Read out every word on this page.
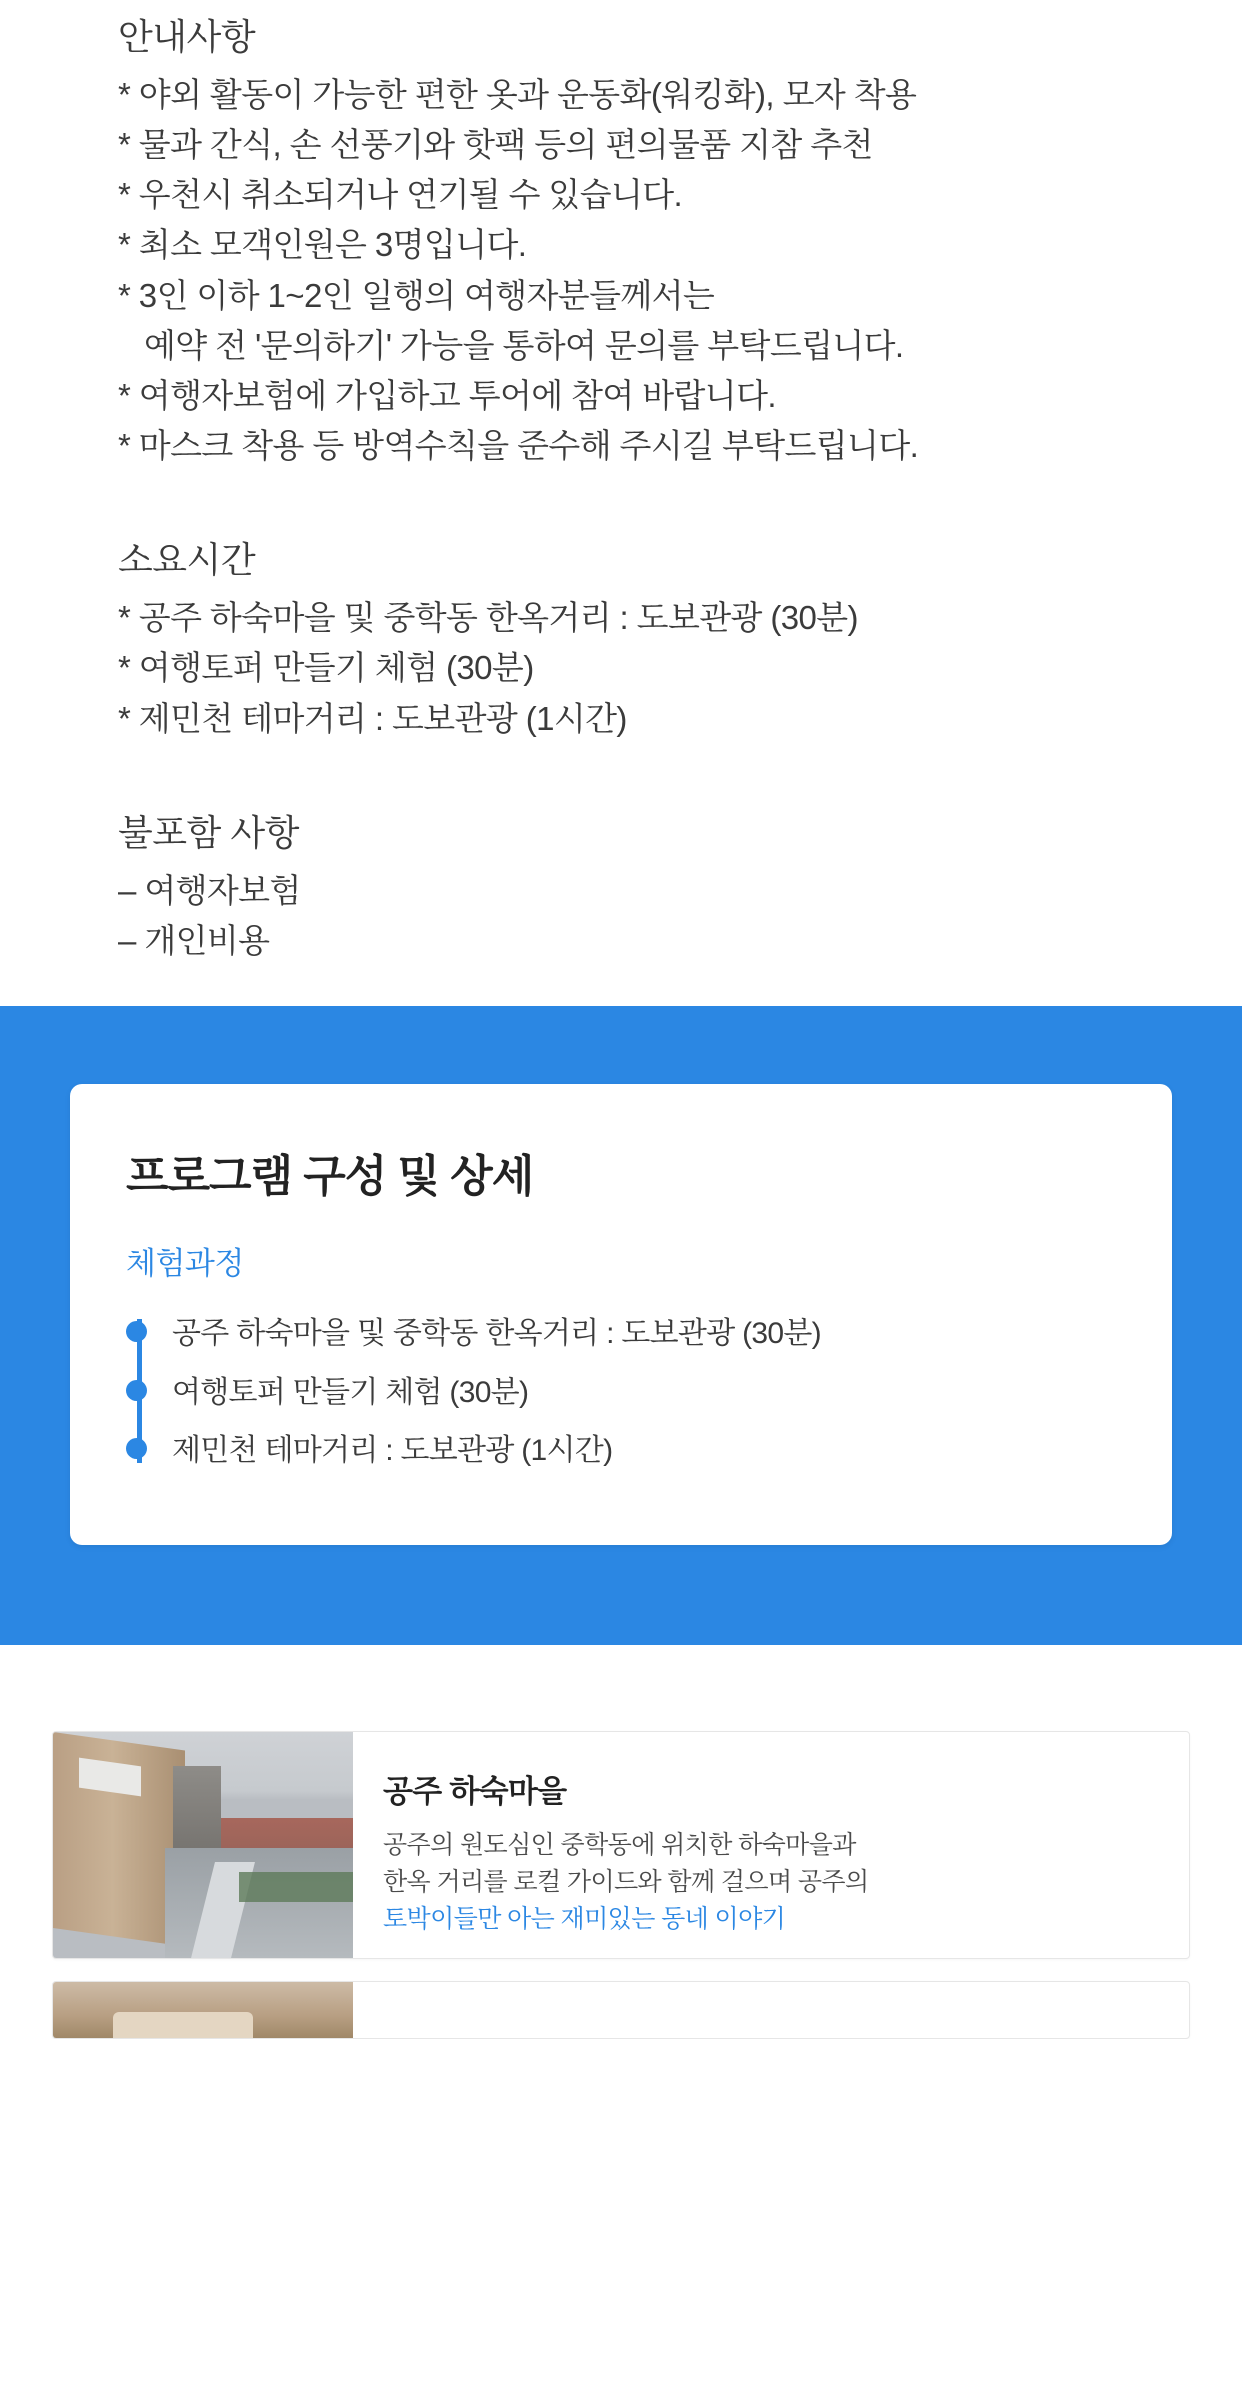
안내사항
* 야외 활동이 가능한 편한 옷과 운동화(워킹화), 모자 착용
* 물과 간식, 손 선풍기와 핫팩 등의 편의물품 지참 추천
* 우천시 취소되거나 연기될 수 있습니다.
* 최소 모객인원은 3명입니다.
* 3인 이하 1~2인 일행의 여행자분들께서는
예약 전 '문의하기' 가능을 통하여 문의를 부탁드립니다.
* 여행자보험에 가입하고 투어에 참여 바랍니다.
* 마스크 착용 등 방역수칙을 준수해 주시길 부탁드립니다.
소요시간
* 공주 하숙마을 및 중학동 한옥거리 : 도보관광 (30분)
* 여행토퍼 만들기 체험 (30분)
* 제민천 테마거리 : 도보관광 (1시간)
불포함 사항
– 여행자보험
– 개인비용
프로그램 구성 및 상세
체험과정
공주 하숙마을 및 중학동 한옥거리 : 도보관광 (30분)
여행토퍼 만들기 체험 (30분)
제민천 테마거리 : 도보관광 (1시간)
공주 하숙마을

공주의 원도심인 중학동에 위치한 하숙마을과
한옥 거리를 로컬 가이드와 함께 걸으며 공주의
토박이들만 아는 재미있는 동네 이야기
